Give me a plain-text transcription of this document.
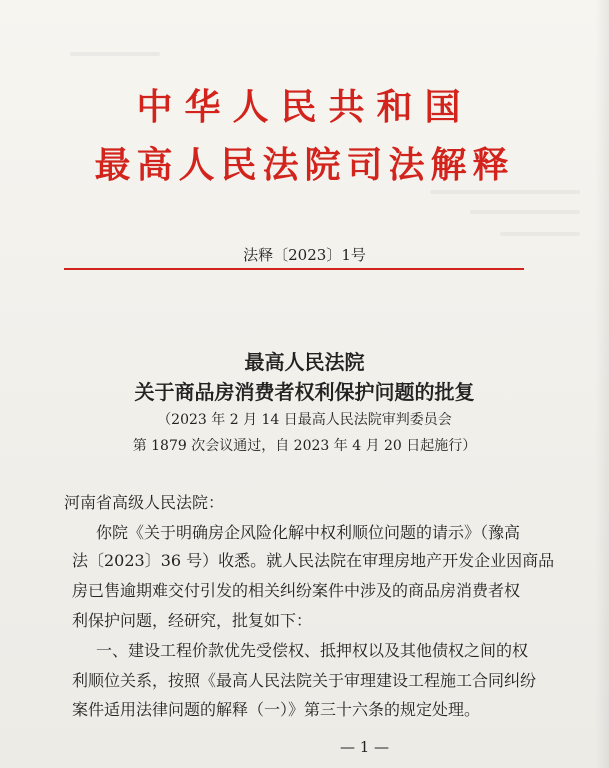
中华人民共和国
最高人民法院司法解释
法释〔2023〕1号
最高人民法院
关于商品房消费者权利保护问题的批复
（2023 年 2 月 14 日最高人民法院审判委员会
第 1879 次会议通过，自 2023 年 4 月 20 日起施行）
河南省高级人民法院：
你院《关于明确房企风险化解中权利顺位问题的请示》（豫高
法〔2023〕36 号）收悉。就人民法院在审理房地产开发企业因商品
房已售逾期难交付引发的相关纠纷案件中涉及的商品房消费者权
利保护问题，经研究，批复如下：
一、建设工程价款优先受偿权、抵押权以及其他债权之间的权
利顺位关系，按照《最高人民法院关于审理建设工程施工合同纠纷
案件适用法律问题的解释（一）》第三十六条的规定处理。
— 1 —
